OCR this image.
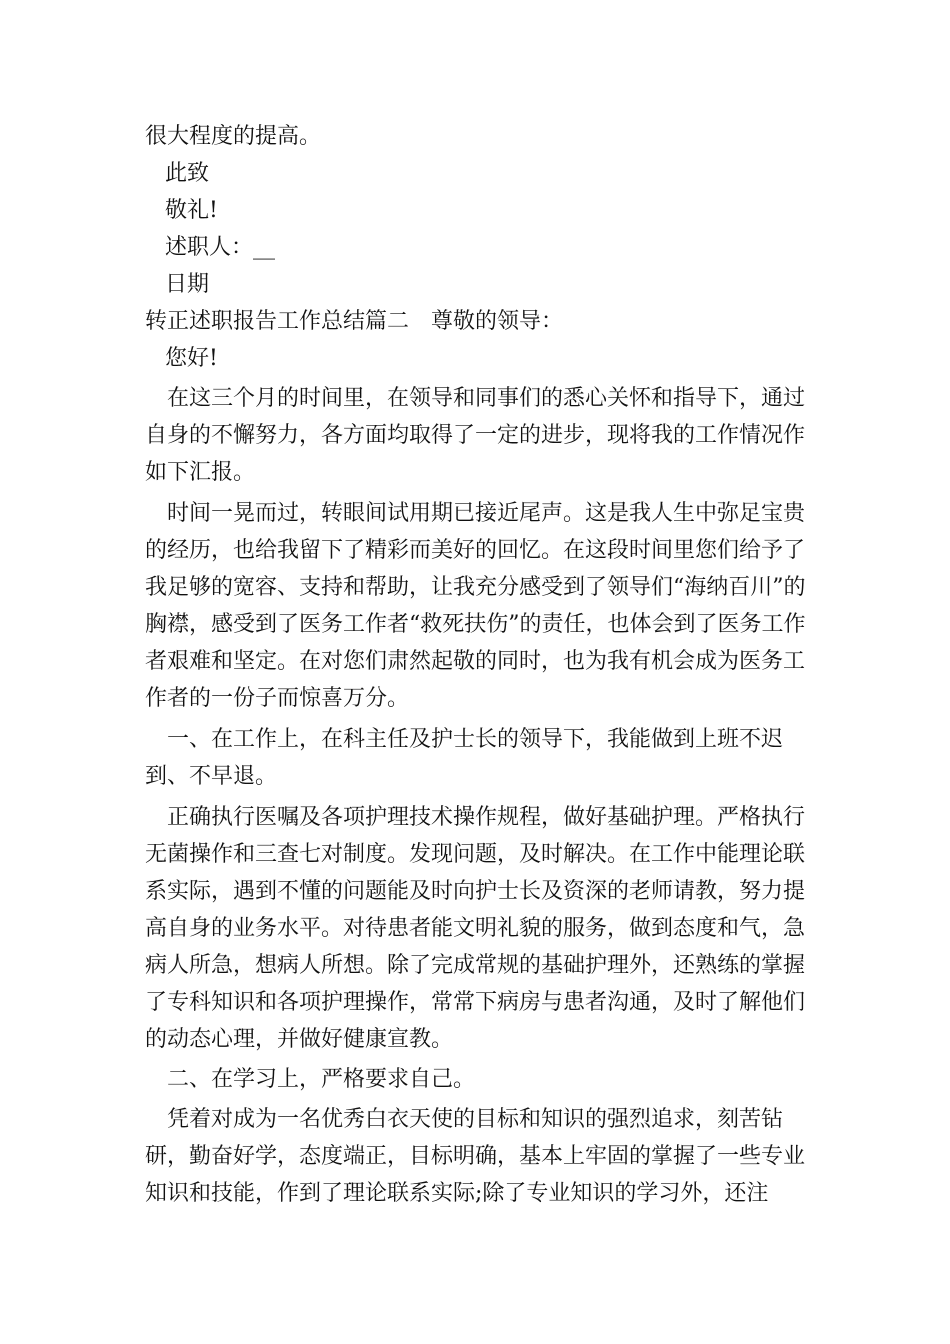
很大程度的提高。

此致

敬礼!

述职人：__

日期

转正述职报告工作总结篇二　尊敬的领导：

您好!

在这三个月的时间里，在领导和同事们的悉心关怀和指导下，通过自身的不懈努力，各方面均取得了一定的进步，现将我的工作情况作如下汇报。

时间一晃而过，转眼间试用期已接近尾声。这是我人生中弥足宝贵的经历，也给我留下了精彩而美好的回忆。在这段时间里您们给予了我足够的宽容、支持和帮助，让我充分感受到了领导们“海纳百川”的胸襟，感受到了医务工作者“救死扶伤”的责任，也体会到了医务工作者艰难和坚定。在对您们肃然起敬的同时，也为我有机会成为医务工作者的一份子而惊喜万分。

一、在工作上，在科主任及护士长的领导下，我能做到上班不迟到、不早退。

正确执行医嘱及各项护理技术操作规程，做好基础护理。严格执行无菌操作和三查七对制度。发现问题，及时解决。在工作中能理论联系实际，遇到不懂的问题能及时向护士长及资深的老师请教，努力提高自身的业务水平。对待患者能文明礼貌的服务，做到态度和气，急病人所急，想病人所想。除了完成常规的基础护理外，还熟练的掌握了专科知识和各项护理操作，常常下病房与患者沟通，及时了解他们的动态心理，并做好健康宣教。

二、在学习上，严格要求自己。

凭着对成为一名优秀白衣天使的目标和知识的强烈追求，刻苦钻研，勤奋好学，态度端正，目标明确，基本上牢固的掌握了一些专业知识和技能，作到了理论联系实际;除了专业知识的学习外，还注
